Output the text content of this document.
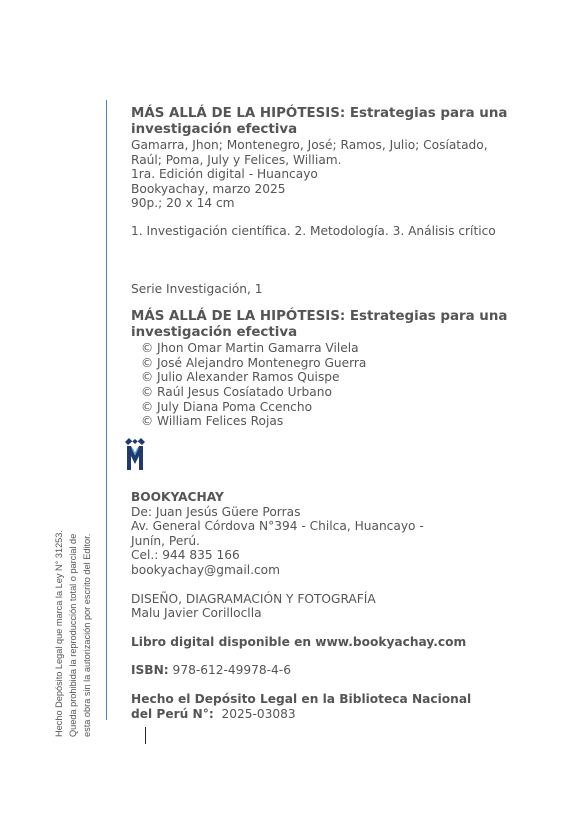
Hecho Depósito Legal que marca la Ley N° 31253. Queda prohibida la reproducción total o parcial de esta obra sin la autorización por escrito del Editor.
MÁS ALLÁ DE LA HIPÓTESIS: Estrategias para una
investigación efectiva
Gamarra, Jhon; Montenegro, José; Ramos, Julio; Cosíatado,
Raúl; Poma, July y Felices, William.
1ra. Edición digital - Huancayo
Bookyachay, marzo 2025
90p.; 20 x 14 cm
1. Investigación científica. 2. Metodología. 3. Análisis crítico
Serie Investigación, 1
MÁS ALLÁ DE LA HIPÓTESIS: Estrategias para una
investigación efectiva
© Jhon Omar Martin Gamarra Vilela
© José Alejandro Montenegro Guerra
© Julio Alexander Ramos Quispe
© Raúl Jesus Cosíatado Urbano
© July Diana Poma Ccencho
© William Felices Rojas
BOOKYACHAY
De: Juan Jesús Güere Porras
Av. General Córdova N°394 - Chilca, Huancayo -
Junín, Perú.
Cel.: 944 835 166
bookyachay@gmail.com
DISEÑO, DIAGRAMACIÓN Y FOTOGRAFÍA
Malu Javier Corilloclla
Libro digital disponible en www.bookyachay.com
ISBN: 978-612-49978-4-6
Hecho el Depósito Legal en la Biblioteca Nacional
del Perú N°:  2025-03083
